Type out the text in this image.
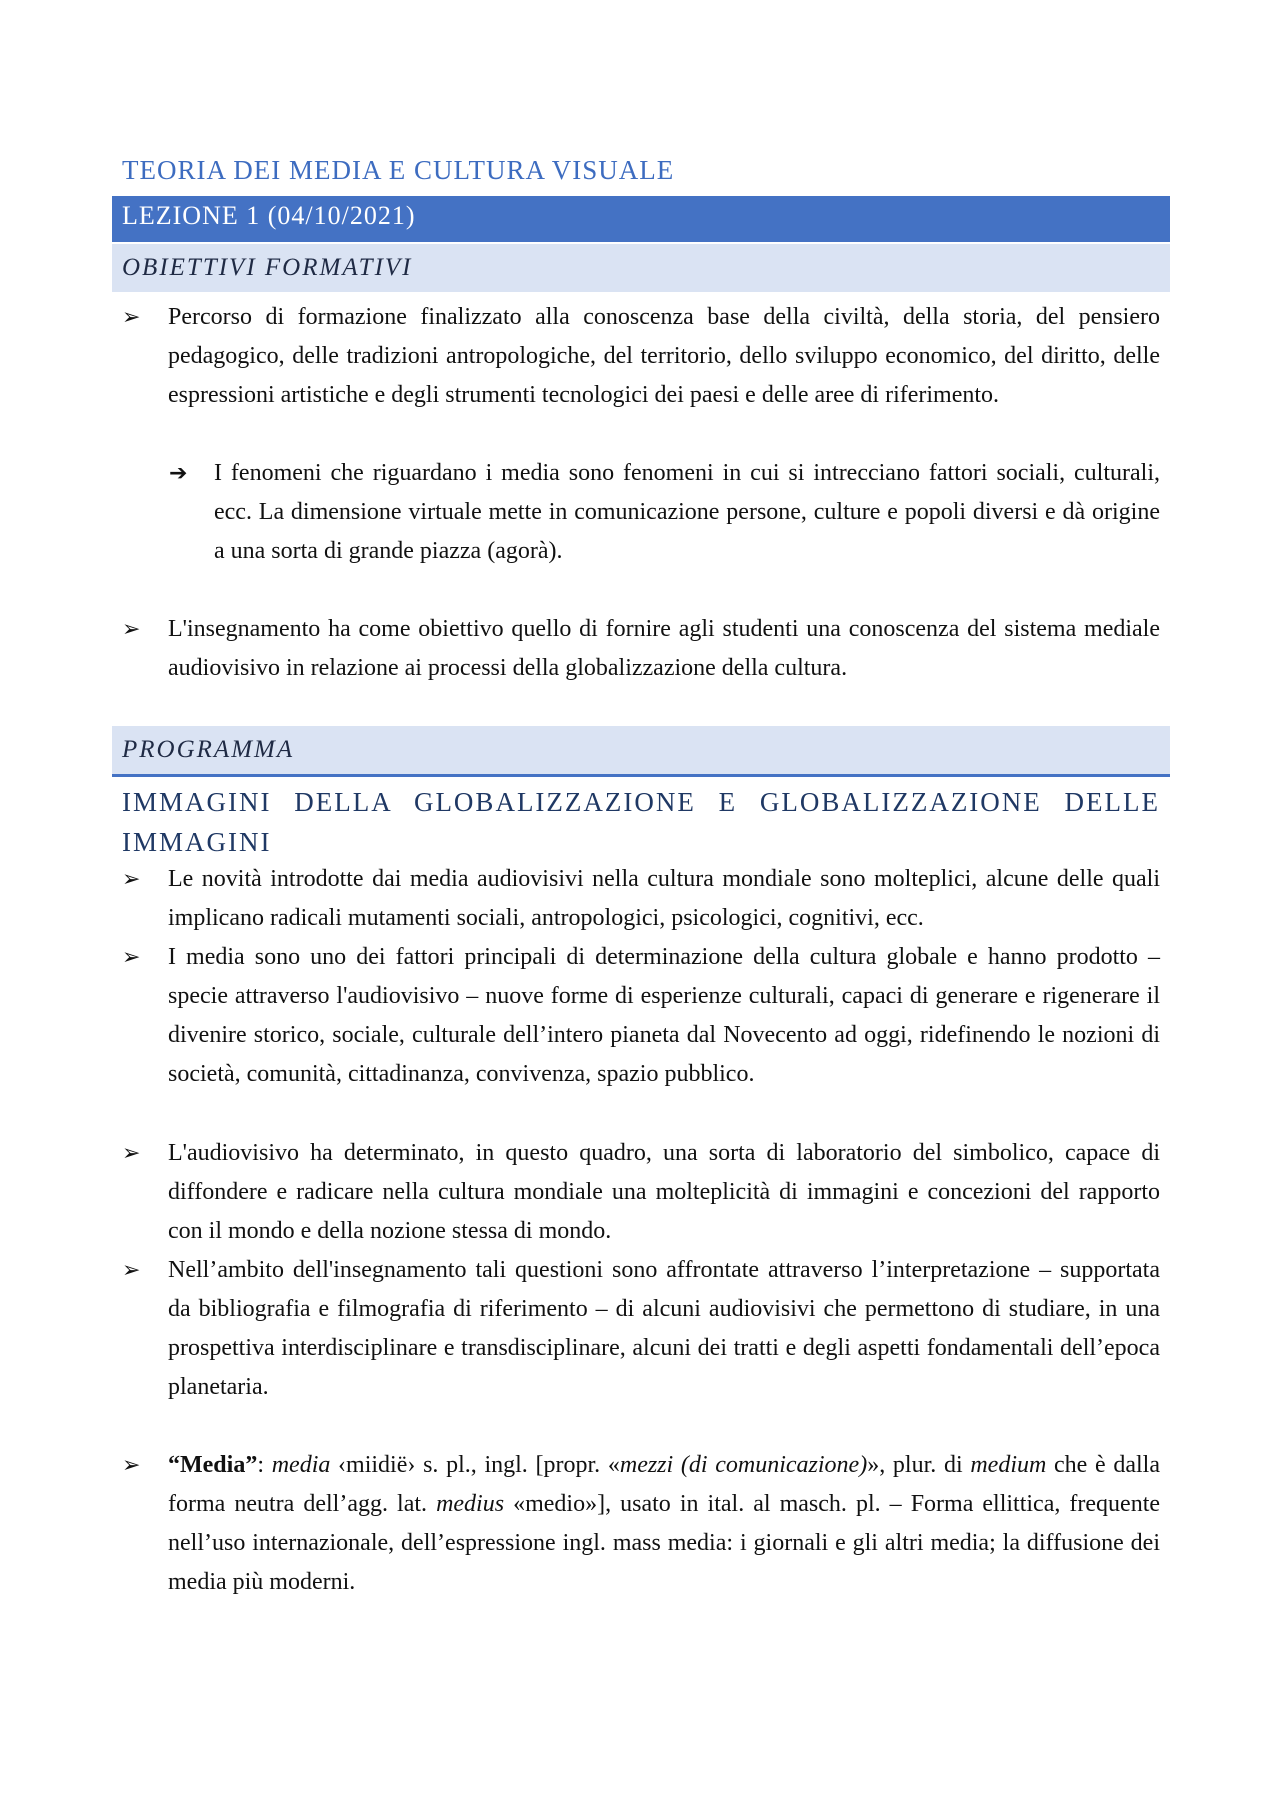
TEORIA DEI MEDIA E CULTURA VISUALE
LEZIONE 1 (04/10/2021)
OBIETTIVI FORMATIVI
➢ Percorso di formazione finalizzato alla conoscenza base della civiltà, della storia, del pensiero pedagogico, delle tradizioni antropologiche, del territorio, dello sviluppo economico, del diritto, delle espressioni artistiche e degli strumenti tecnologici dei paesi e delle aree di riferimento.
➔ I fenomeni che riguardano i media sono fenomeni in cui si intrecciano fattori sociali, culturali, ecc. La dimensione virtuale mette in comunicazione persone, culture e popoli diversi e dà origine a una sorta di grande piazza (agorà).
➢ L'insegnamento ha come obiettivo quello di fornire agli studenti una conoscenza del sistema mediale audiovisivo in relazione ai processi della globalizzazione della cultura.
PROGRAMMA
IMMAGINI DELLA GLOBALIZZAZIONE E GLOBALIZZAZIONE DELLE IMMAGINI
➢ Le novità introdotte dai media audiovisivi nella cultura mondiale sono molteplici, alcune delle quali implicano radicali mutamenti sociali, antropologici, psicologici, cognitivi, ecc.
➢ I media sono uno dei fattori principali di determinazione della cultura globale e hanno prodotto – specie attraverso l'audiovisivo – nuove forme di esperienze culturali, capaci di generare e rigenerare il divenire storico, sociale, culturale dell’intero pianeta dal Novecento ad oggi, ridefinendo le nozioni di società, comunità, cittadinanza, convivenza, spazio pubblico.
➢ L'audiovisivo ha determinato, in questo quadro, una sorta di laboratorio del simbolico, capace di diffondere e radicare nella cultura mondiale una molteplicità di immagini e concezioni del rapporto con il mondo e della nozione stessa di mondo.
➢ Nell’ambito dell'insegnamento tali questioni sono affrontate attraverso l’interpretazione – supportata da bibliografia e filmografia di riferimento – di alcuni audiovisivi che permettono di studiare, in una prospettiva interdisciplinare e transdisciplinare, alcuni dei tratti e degli aspetti fondamentali dell’epoca planetaria.
➢ “Media”: media ‹miidië› s. pl., ingl. [propr. «mezzi (di comunicazione)», plur. di medium che è dalla forma neutra dell’agg. lat. medius «medio»], usato in ital. al masch. pl. – Forma ellittica, frequente nell’uso internazionale, dell’espressione ingl. mass media: i giornali e gli altri media; la diffusione dei media più moderni.
